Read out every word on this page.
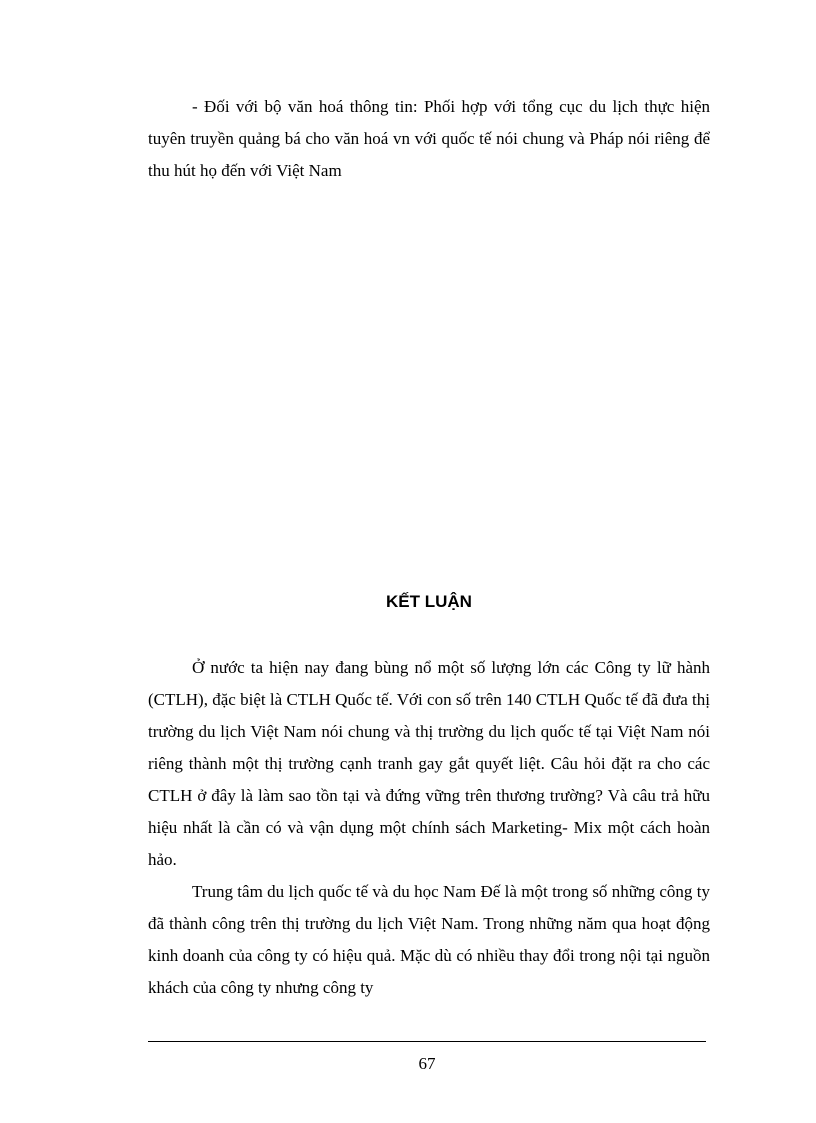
- Đối với bộ văn hoá thông tin: Phối hợp với tổng cục du lịch thực hiện tuyên truyền quảng bá cho văn hoá vn với quốc tế nói chung và Pháp nói riêng để thu hút họ đến với Việt Nam

KẾT LUẬN

Ở nước ta hiện nay đang bùng nổ một số lượng lớn các Công ty lữ hành (CTLH), đặc biệt là CTLH Quốc tế. Với con số trên 140 CTLH Quốc tế đã đưa thị trường du lịch Việt Nam nói chung và thị trường du lịch quốc tế tại Việt Nam nói riêng thành một thị trường cạnh tranh gay gắt quyết liệt. Câu hỏi đặt ra cho các CTLH ở đây là làm sao tồn tại và đứng vững trên thương trường? Và câu trả hữu hiệu nhất là cần có và vận dụng một chính sách Marketing- Mix một cách hoàn hảo.

Trung tâm du lịch quốc tế và du học Nam Đế là một trong số những công ty đã thành công trên thị trường du lịch Việt Nam. Trong những năm qua hoạt động kinh doanh của công ty có hiệu quả. Mặc dù có nhiều thay đổi trong nội tại nguồn khách của công ty nhưng công ty

67
